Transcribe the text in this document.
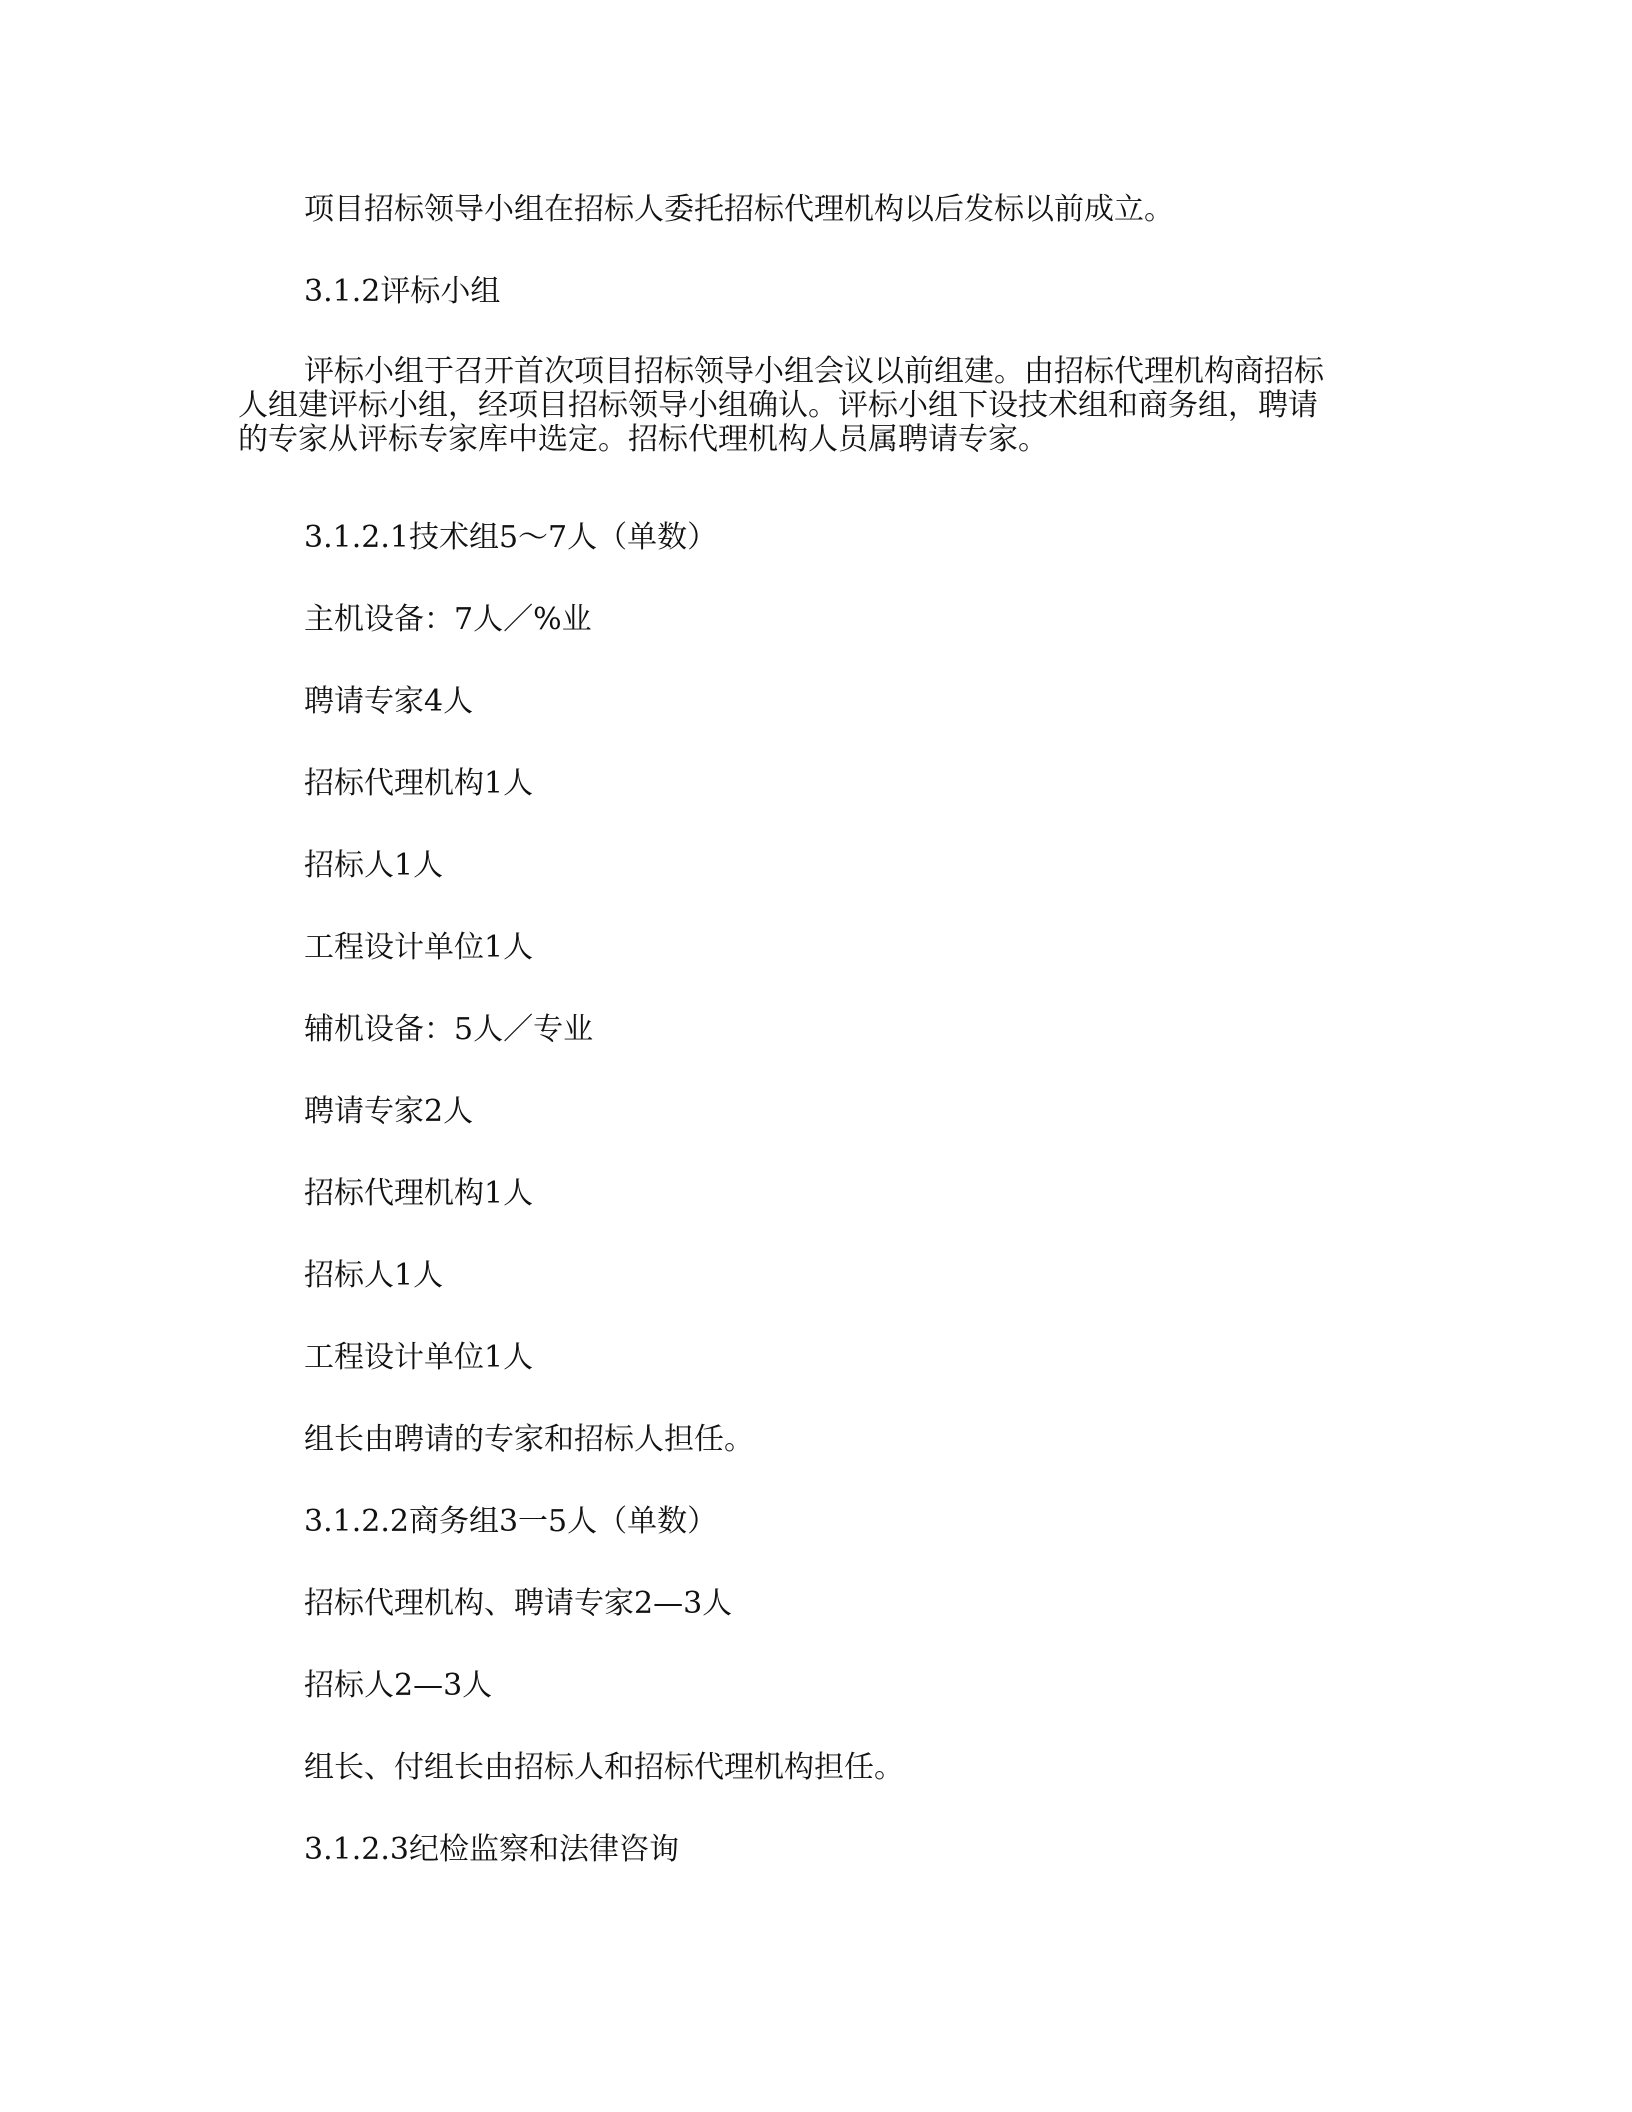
项目招标领导小组在招标人委托招标代理机构以后发标以前成立。

3.1.2评标小组

评标小组于召开首次项目招标领导小组会议以前组建。由招标代理机构商招标
人组建评标小组，经项目招标领导小组确认。评标小组下设技术组和商务组，聘请
的专家从评标专家库中选定。招标代理机构人员属聘请专家。

3.1.2.1技术组5～7人（单数）

主机设备：7人／%业

聘请专家4人

招标代理机构1人

招标人1人

工程设计单位1人

辅机设备：5人／专业

聘请专家2人

招标代理机构1人

招标人1人

工程设计单位1人

组长由聘请的专家和招标人担任。

3.1.2.2商务组3一5人（单数）

招标代理机构、聘请专家2—3人

招标人2—3人

组长、付组长由招标人和招标代理机构担任。

3.1.2.3纪检监察和法律咨询
